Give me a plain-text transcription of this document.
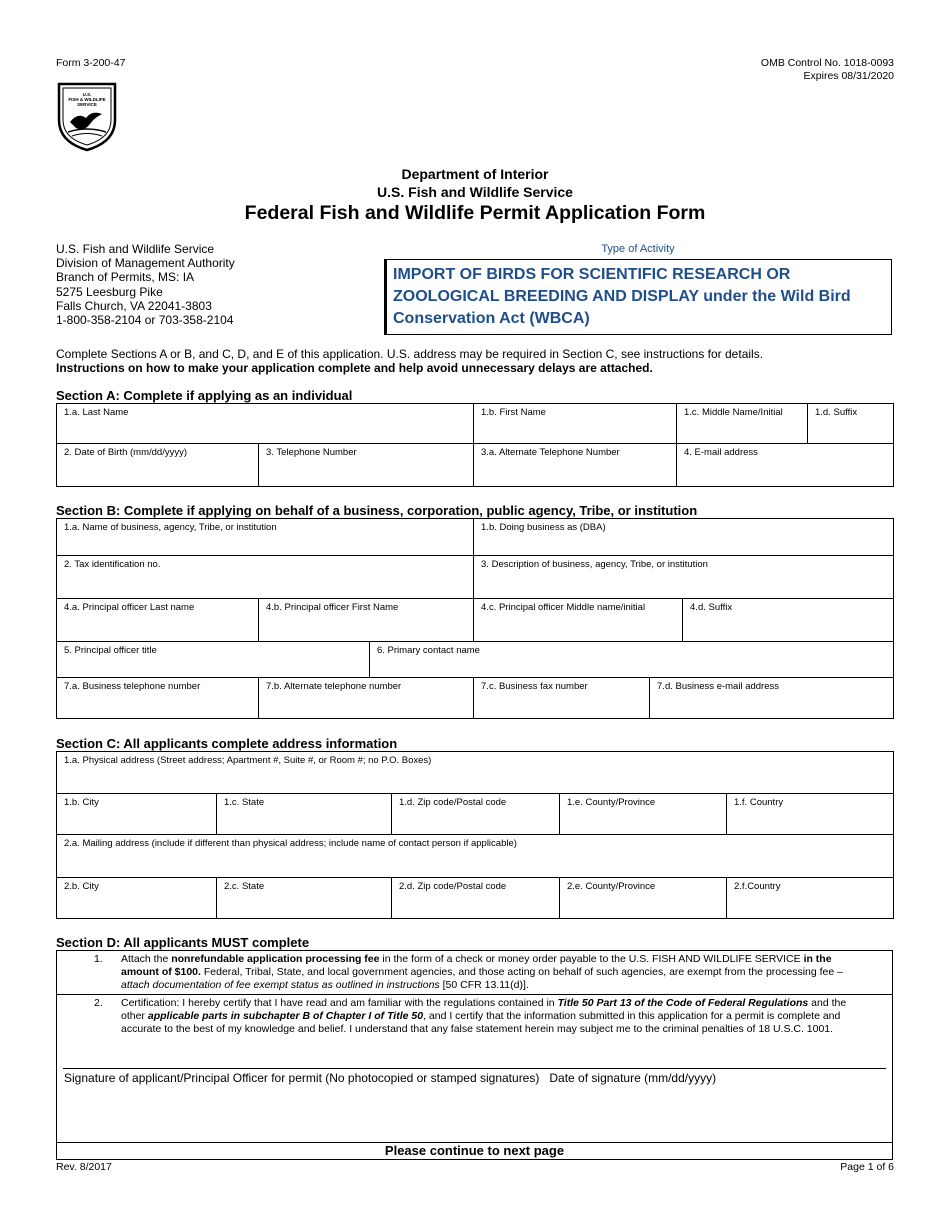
Form 3-200-47	OMB Control No. 1018-0093
Expires 08/31/2020
U.S.
FISH & WILDLIFE
SERVICE
Department of Interior
U.S. Fish and Wildlife Service
Federal Fish and Wildlife Permit Application Form
U.S. Fish and Wildlife Service
Division of Management Authority
Branch of Permits, MS: IA
5275 Leesburg Pike
Falls Church, VA 22041-3803
1-800-358-2104 or 703-358-2104
Type of Activity
IMPORT OF BIRDS FOR SCIENTIFIC RESEARCH OR ZOOLOGICAL BREEDING AND DISPLAY under the Wild Bird Conservation Act (WBCA)
Complete Sections A or B, and C, D, and E of this application. U.S. address may be required in Section C, see instructions for details.
Instructions on how to make your application complete and help avoid unnecessary delays are attached.
Section A: Complete if applying as an individual
1.a. Last Name		1.b. First Name	1.c. Middle Name/Initial	1.d. Suffix

2. Date of Birth (mm/dd/yyyy)	3. Telephone Number	3.a. Alternate Telephone Number	4. E-mail address	
Section B: Complete if applying on behalf of a business, corporation, public agency, Tribe, or institution
1.a. Name of business, agency, Tribe, or institution			1.b. Doing business as (DBA)		

2. Tax identification no.			3. Description of business, agency, Tribe, or institution		

4.a. Principal officer Last name	4.b. Principal officer First Name		4.c. Principal officer Middle name/initial		4.d. Suffix

5. Principal officer title		6. Primary contact name			

7.a. Business telephone number	7.b. Alternate telephone number		7.c. Business fax number	7.d. Business e-mail address	
Section C: All applicants complete address information
1.a. Physical address (Street address; Apartment #, Suite #, or Room #; no P.O. Boxes)				

1.b. City	1.c. State	1.d. Zip code/Postal code	1.e. County/Province	1.f. Country

2.a. Mailing address (include if different than physical address; include name of contact person if applicable)				

2.b. City	2.c. State	2.d. Zip code/Postal code	2.e. County/Province	2.f.Country
Section D: All applicants MUST complete
1. Attach the nonrefundable application processing fee in the form of a check or money order payable to the U.S. FISH AND WILDLIFE SERVICE in the amount of $100. Federal, Tribal, State, and local government agencies, and those acting on behalf of such agencies, are exempt from the processing fee – attach documentation of fee exempt status as outlined in instructions [50 CFR 13.11(d)].
2. Certification: I hereby certify that I have read and am familiar with the regulations contained in Title 50 Part 13 of the Code of Federal Regulations and the other applicable parts in subchapter B of Chapter I of Title 50, and I certify that the information submitted in this application for a permit is complete and accurate to the best of my knowledge and belief. I understand that any false statement herein may subject me to the criminal penalties of 18 U.S.C. 1001.
Signature of applicant/Principal Officer for permit (No photocopied or stamped signatures) Date of signature (mm/dd/yyyy)
Please continue to next page
Rev. 8/2017	Page 1 of 6
